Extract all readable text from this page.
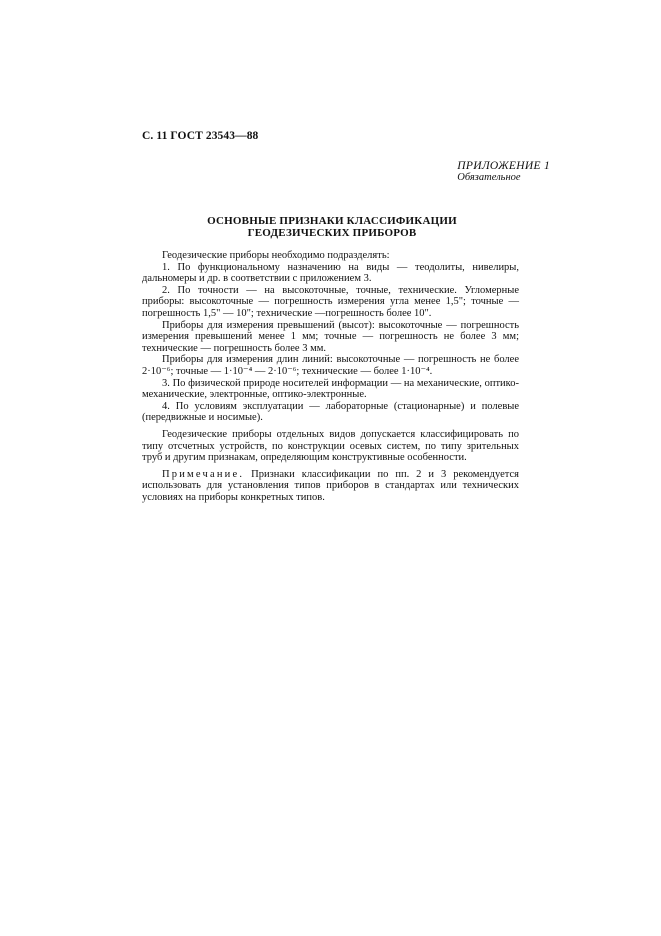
С. 11 ГОСТ 23543—88
ПРИЛОЖЕНИЕ 1
Обязательное
ОСНОВНЫЕ ПРИЗНАКИ КЛАССИФИКАЦИИ
ГЕОДЕЗИЧЕСКИХ ПРИБОРОВ

Геодезические приборы необходимо подразделять:

1. По функциональному назначению на виды — теодолиты, нивелиры, дальномеры и др. в соответствии с приложением 3.

2. По точности — на высокоточные, точные, технические. Угломерные приборы: высокоточные — погрешность измерения угла менее 1,5"; точные — погрешность 1,5" — 10"; технические —погрешность более 10".

Приборы для измерения превышений (высот): высокоточные — погрешность измерения превышений менее 1 мм; точные — погрешность не более 3 мм; технические — погрешность более 3 мм.

Приборы для измерения длин линий: высокоточные — погрешность не более 2·10⁻⁶; точные — 1·10⁻⁴ — 2·10⁻⁶; технические — более 1·10⁻⁴.

3. По физической природе носителей информации — на механические, оптико-механические, электронные, оптико-электронные.

4. По условиям эксплуатации — лабораторные (стационарные) и полевые (передвижные и носимые).

Геодезические приборы отдельных видов допускается классифицировать по типу отсчетных устройств, по конструкции осевых систем, по типу зрительных труб и другим признакам, определяющим конструктивные особенности.

Примечание. Признаки классификации по пп. 2 и 3 рекомендуется использовать для установления типов приборов в стандартах или технических условиях на приборы конкретных типов.
